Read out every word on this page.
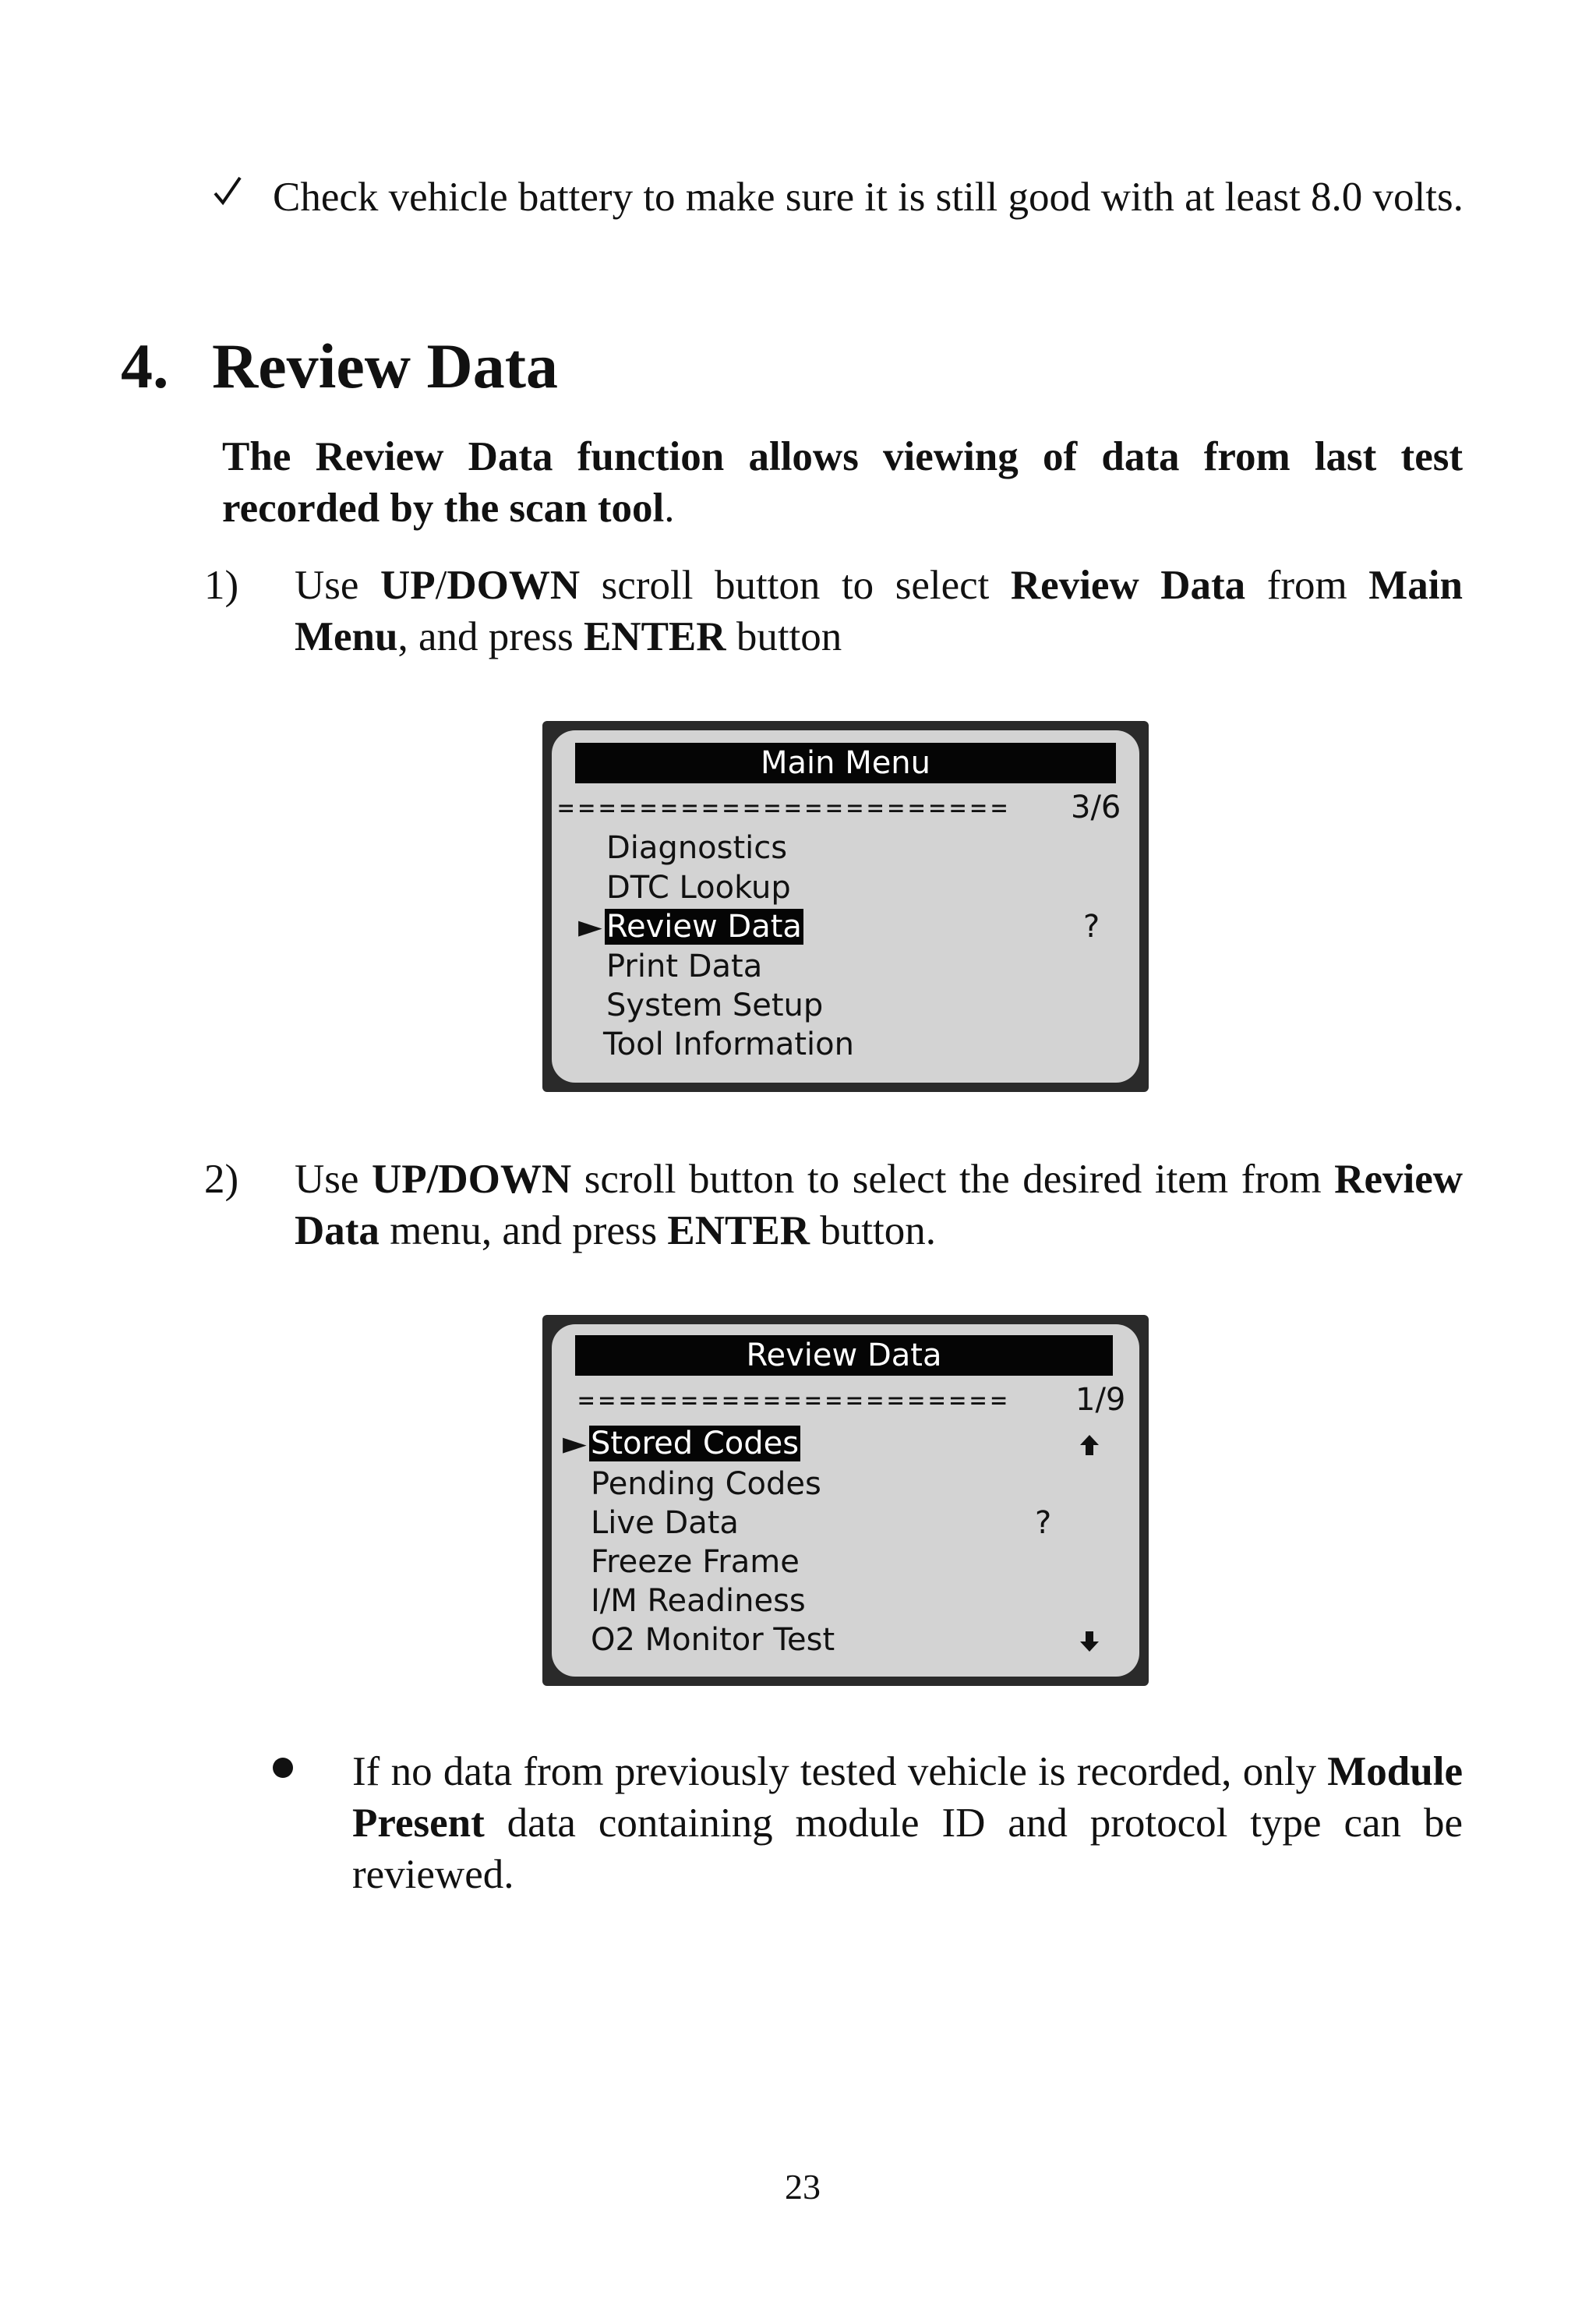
Check vehicle battery to make sure it is still good with at least 8.0 volts.
4. Review Data
The Review Data function allows viewing of data from last test recorded by the scan tool.
1) Use UP/DOWN scroll button to select Review Data from Main Menu, and press ENTER button
Main Menu
======================	3/6
Diagnostics
DTC Lookup
► Review Data	?
Print Data
System Setup
Tool Information
2) Use UP/DOWN scroll button to select the desired item from Review Data menu, and press ENTER button.
Review Data
=====================	1/9
► Stored Codes
Pending Codes
Live Data	?
Freeze Frame
I/M Readiness
O2 Monitor Test
If no data from previously tested vehicle is recorded, only Module Present data containing module ID and protocol type can be reviewed.
23
